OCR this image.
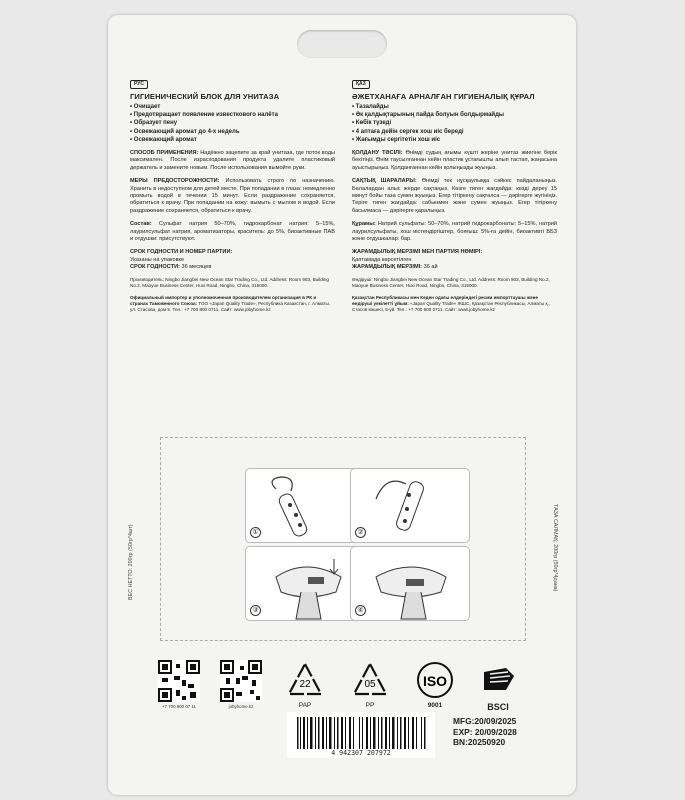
РУС
ГИГИЕНИЧЕСКИЙ БЛОК ДЛЯ УНИТАЗА
• Очищает
• Предотвращает появление известкового налёта
• Образует пену
• Освежающий аромат до 4-х недель
• Освежающий аромат

СПОСОБ ПРИМЕНЕНИЯ: Надёжно зацепите за край унитаза, где поток воды максимален. После израсходования продукта удалите пластиковый держатель и замените новым. После использования вымойте руки.

МЕРЫ ПРЕДОСТОРОЖНОСТИ: Использовать строго по назначению. Хранить в недоступном для детей месте. При попадании в глаза: немедленно промыть водой в течении 15 минут. Если раздражение сохраняется, обратиться к врачу. При попадании на кожу: вымыть с мылом и водой. Если раздражение сохраняется, обратиться к врачу.

Состав: Сульфат натрия 50–70%, гидрокарбонат натрия: 5–15%, лаурилсульфат натрия, ароматизаторы, краситель: до 5%, биоактивные ПАВ и отдушки: присутствуют.

СРОК ГОДНОСТИ И НОМЕР ПАРТИИ:
Указаны на упаковке
СРОК ГОДНОСТИ: 36 месяцев

Производитель: Ningbo Jiangbei New Ocean Star Trading Co., Ltd. Address: Room 903, Building No.2, Maoyue Business Center, Huxi Road, Ningbo, China, 315000.

Официальный импортер и уполномоченная производителем организация в РК и странах Таможенного Союза: ТОО «Japan Quality Trade», Республика Казахстан, г. Алматы, ул. Стасова, дом 5. Тел.: +7 700 800 0711. Сайт: www.jobyhome.kz

ҚАЗ
ӘЖЕТХАНАҒА АРНАЛҒАН ГИГИЕНАЛЫҚ ҚҰРАЛ
• Тазалайды
• Әк қалдықтарының пайда болуын болдырмайды
• Көбік түзеді
• 4 аптаға дейін сергек хош иіс береді
• Жағымды сергітетін хош иіс

ҚОЛДАНУ ТӘСІЛІ: Өнімді судың ағымы күшті жеріне унитаз жиегіне берік бекітіңіз. Өнім таусылғаннан кейін пластик ұстағышты алып тастап, жаңасына ауыстырыңыз. Қолданғаннан кейін қолыңызды жуыңыз.

САҚТЫҚ ШАРАЛАРЫ: Өнімді тек нұсқаулыққа сәйкес пайдаланыңыз. Балалардан алыс жерде сақтаңыз. Көзге тиген жағдайда: көзді дереу 15 минут бойы таза сумен жуыңыз. Егер тітіркену сақталса — дәрігерге жүгініңіз. Теріге тиген жағдайда: сабынмен және сумен жуыңыз. Егер тітіркену басылмаса — дәрігерге қаралыңыз.

Құрамы: Натрий сульфаты: 50–70%, натрий гидрокарбонаты: 5–15%, натрий лаурилсульфаты, хош иістендіргіштер, бояғыш: 5%-ға дейін, биоактивті ББЗ және отдушкалар: бар.

ЖАРАМДЫЛЫҚ МЕРЗІМІ МЕН ПАРТИЯ НӨМІРІ:
Қаптамада көрсетілген
ЖАРАМДЫЛЫҚ МЕРЗІМІ: 36 ай

Өндіруші: Ningbo Jiangbei New Ocean Star Trading Co., Ltd. Address: Room 903, Building No.2, Maoyue Business Center, Huxi Road, Ningbo, China, 315000.

Қазақстан Республикасы мен Кеден одағы елдеріндегі ресми импорттаушы және өндіруші уәкілетті ұйым: «Japan Quality Trade» ЖШС, Қазақстан Республикасы, Алматы қ., Стасов көшесі, 5-үй. Тел.: +7 700 800 0711. Сайт: www.jobyhome.kz

ВЕС НЕТТО: 200гр (50гр*4шт)	ТАЗА САЛМАҚ: 200гр (50гр*4дана)
①	②
③	④
+7 700 800 07 11	jobyhome.kz
22
PAP
05
PP
ISO
9001	BSCI
4 942307 207972
MFG:20/09/2025
EXP: 20/09/2028
BN:20250920
